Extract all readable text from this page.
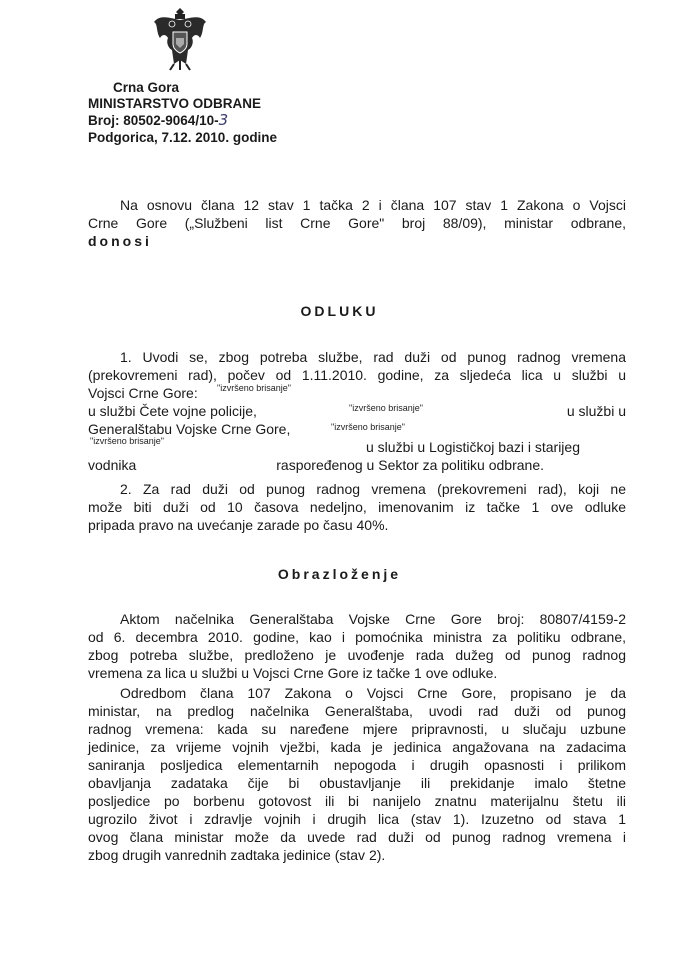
Crna Gora
MINISTARSTVO ODBRANE
Broj: 80502-9064/10-3
Podgorica, 7.12. 2010. godine
Na osnovu člana 12 stav 1 tačka 2 i člana 107 stav 1 Zakona o Vojsci
Crne Gore („Službeni list Crne Gore" broj 88/09), ministar odbrane,
donosi
ODLUKU
1. Uvodi se, zbog potreba službe, rad duži od punog radnog vremena
(prekovremeni rad), počev od 1.11.2010. godine, za sljedeća lica u službi u
Vojsci Crne Gore:
u službi Čete vojne policije,	u službi u
Generalštabu Vojske Crne Gore,
u službi u Logističkoj bazi i starijeg
vodnika	raspoređenog u Sektor za politiku odbrane.
"izvršeno brisanje"
"izvršeno brisanje"
"izvršeno brisanje"
"izvršeno brisanje"
2. Za rad duži od punog radnog vremena (prekovremeni rad), koji ne
može biti duži od 10 časova nedeljno, imenovanim iz tačke 1 ove odluke
pripada pravo na uvećanje zarade po času 40%.
Obrazloženje
Aktom načelnika Generalštaba Vojske Crne Gore broj: 80807/4159-2
od 6. decembra 2010. godine, kao i pomoćnika ministra za politiku odbrane,
zbog potreba službe, predloženo je uvođenje rada dužeg od punog radnog
vremena za lica u službi u Vojsci Crne Gore iz tačke 1 ove odluke.
Odredbom člana 107 Zakona o Vojsci Crne Gore, propisano je da
ministar, na predlog načelnika Generalštaba, uvodi rad duži od punog
radnog vremena: kada su naređene mjere pripravnosti, u slučaju uzbune
jedinice, za vrijeme vojnih vježbi, kada je jedinica angažovana na zadacima
saniranja posljedica elementarnih nepogoda i drugih opasnosti i prilikom
obavljanja zadataka čije bi obustavljanje ili prekidanje imalo štetne
posljedice po borbenu gotovost ili bi nanijelo znatnu materijalnu štetu ili
ugrozilo život i zdravlje vojnih i drugih lica (stav 1). Izuzetno od stava 1
ovog člana ministar može da uvede rad duži od punog radnog vremena i
zbog drugih vanrednih zadtaka jedinice (stav 2).
